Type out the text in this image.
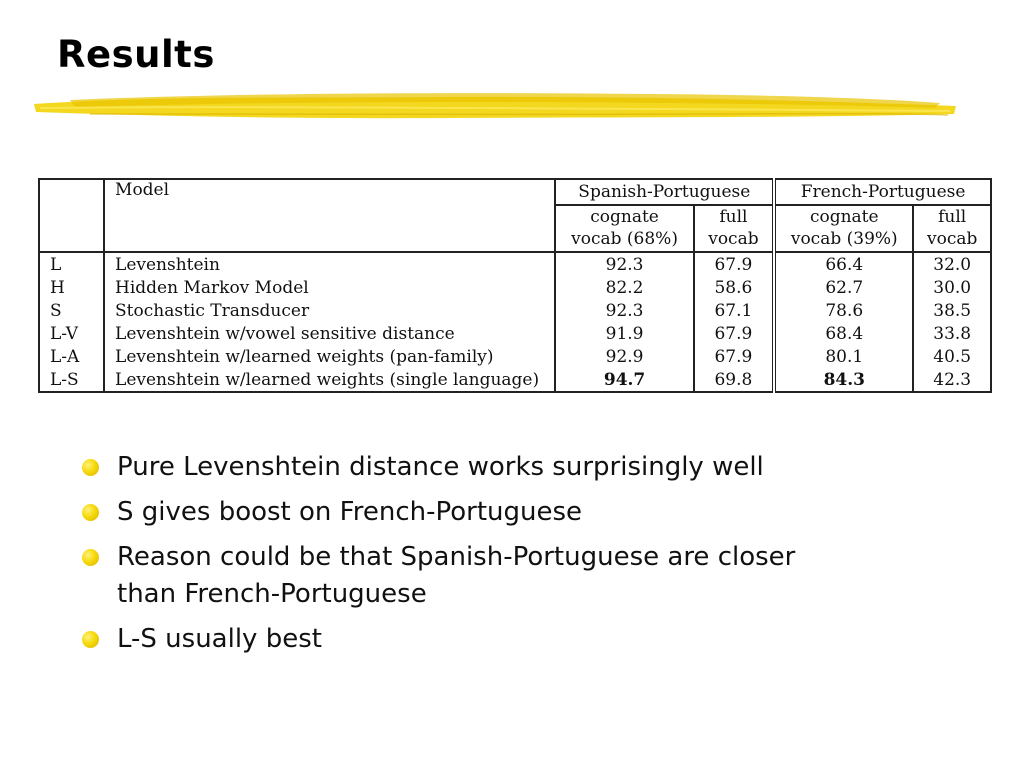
Results
	Model	Spanish-Portuguese		French-Portuguese	
		cognate	full	cognate	full
		vocab (68%)	vocab	vocab (39%)	vocab
L	Levenshtein	92.3	67.9	66.4	32.0
H	Hidden Markov Model	82.2	58.6	62.7	30.0
S	Stochastic Transducer	92.3	67.1	78.6	38.5
L-V	Levenshtein w/vowel sensitive distance	91.9	67.9	68.4	33.8
L-A	Levenshtein w/learned weights (pan-family)	92.9	67.9	80.1	40.5
L-S	Levenshtein w/learned weights (single language)	94.7	69.8	84.3	42.3
Pure Levenshtein distance works surprisingly well
S gives boost on French-Portuguese
Reason could be that Spanish-Portuguese are closer than French-Portuguese
L-S usually best
